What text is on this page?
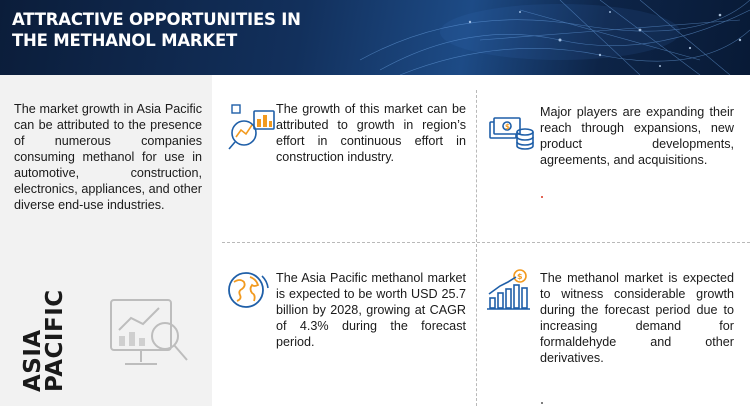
ATTRACTIVE OPPORTUNITIES IN
THE METHANOL MARKET
The market growth in Asia Pacific can be attributed to the presence of numerous companies consuming methanol for use in automotive, construction, electronics, appliances, and other diverse end-use industries.
ASIA
PACIFIC
The growth of this market can be attributed to growth in region’s effort in continuous effort in construction industry.
$
Major players are expanding their reach through expansions, new product developments, agreements, and acquisitions.
The Asia Pacific methanol market is expected to be worth USD 25.7 billion by 2028, growing at CAGR of 4.3% during the forecast period.
$ The methanol market is expected to witness considerable growth during the forecast period due to increasing demand for formaldehyde and other derivatives.
